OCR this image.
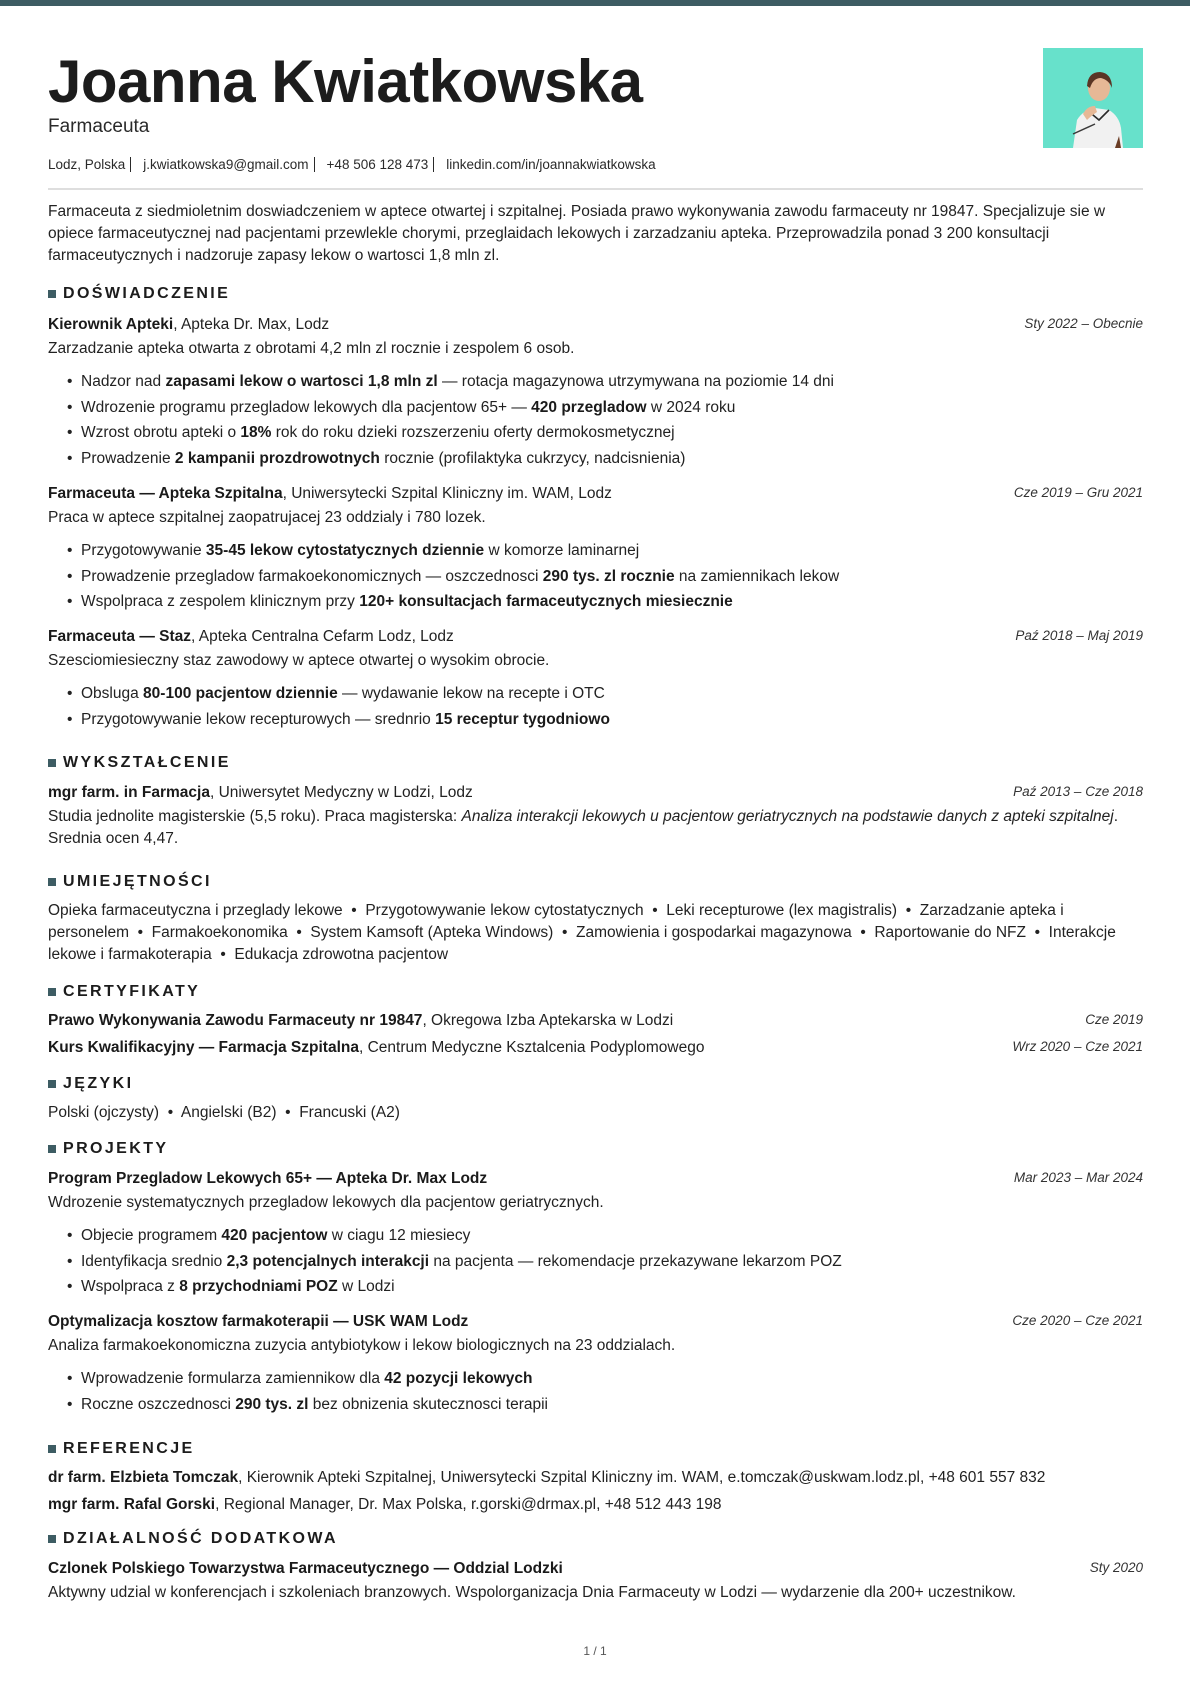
Joanna Kwiatkowska
Farmaceuta
Lodz, Polska j.kwiatkowska9@gmail.com +48 506 128 473 linkedin.com/in/joannakwiatkowska
Farmaceuta z siedmioletnim doswiadczeniem w aptece otwartej i szpitalnej. Posiada prawo wykonywania zawodu farmaceuty nr 19847. Specjalizuje sie w opiece farmaceutycznej nad pacjentami przewlekle chorymi, przeglaidach lekowych i zarzadzaniu apteka. Przeprowadzila ponad 3 200 konsultacji farmaceutycznych i nadzoruje zapasy lekow o wartosci 1,8 mln zl.
DOŚWIADCZENIE
Kierownik Apteki, Apteka Dr. Max, Lodz	Sty 2022 – Obecnie
Zarzadzanie apteka otwarta z obrotami 4,2 mln zl rocznie i zespolem 6 osob.
• Nadzor nad zapasami lekow o wartosci 1,8 mln zl — rotacja magazynowa utrzymywana na poziomie 14 dni
• Wdrozenie programu przegladow lekowych dla pacjentow 65+ — 420 przegladow w 2024 roku
• Wzrost obrotu apteki o 18% rok do roku dzieki rozszerzeniu oferty dermokosmetycznej
• Prowadzenie 2 kampanii prozdrowotnych rocznie (profilaktyka cukrzycy, nadcisnienia)
Farmaceuta — Apteka Szpitalna, Uniwersytecki Szpital Kliniczny im. WAM, Lodz	Cze 2019 – Gru 2021
Praca w aptece szpitalnej zaopatrujacej 23 oddzialy i 780 lozek.
• Przygotowywanie 35-45 lekow cytostatycznych dziennie w komorze laminarnej
• Prowadzenie przegladow farmakoekonomicznych — oszczednosci 290 tys. zl rocznie na zamiennikach lekow
• Wspolpraca z zespolem klinicznym przy 120+ konsultacjach farmaceutycznych miesiecznie
Farmaceuta — Staz, Apteka Centralna Cefarm Lodz, Lodz	Paź 2018 – Maj 2019
Szesciomiesieczny staz zawodowy w aptece otwartej o wysokim obrocie.
• Obsluga 80-100 pacjentow dziennie — wydawanie lekow na recepte i OTC
• Przygotowywanie lekow recepturowych — srednrio 15 receptur tygodniowo
WYKSZTAŁCENIE
mgr farm. in Farmacja, Uniwersytet Medyczny w Lodzi, Lodz	Paź 2013 – Cze 2018
Studia jednolite magisterskie (5,5 roku). Praca magisterska: Analiza interakcji lekowych u pacjentow geriatrycznych na podstawie danych z apteki szpitalnej. Srednia ocen 4,47.
UMIEJĘTNOŚCI
Opieka farmaceutyczna i przeglady lekowe  •  Przygotowywanie lekow cytostatycznych  •  Leki recepturowe (lex magistralis)  •  Zarzadzanie apteka i personelem  •  Farmakoekonomika  •  System Kamsoft (Apteka Windows)  •  Zamowienia i gospodarkai magazynowa  •  Raportowanie do NFZ  •  Interakcje lekowe i farmakoterapia  •  Edukacja zdrowotna pacjentow
CERTYFIKATY
Prawo Wykonywania Zawodu Farmaceuty nr 19847, Okregowa Izba Aptekarska w Lodzi	Cze 2019
Kurs Kwalifikacyjny — Farmacja Szpitalna, Centrum Medyczne Ksztalcenia Podyplomowego	Wrz 2020 – Cze 2021
JĘZYKI
Polski (ojczysty)  •  Angielski (B2)  •  Francuski (A2)
PROJEKTY
Program Przegladow Lekowych 65+ — Apteka Dr. Max Lodz	Mar 2023 – Mar 2024
Wdrozenie systematycznych przegladow lekowych dla pacjentow geriatrycznych.
• Objecie programem 420 pacjentow w ciagu 12 miesiecy
• Identyfikacja srednio 2,3 potencjalnych interakcji na pacjenta — rekomendacje przekazywane lekarzom POZ
• Wspolpraca z 8 przychodniami POZ w Lodzi
Optymalizacja kosztow farmakoterapii — USK WAM Lodz	Cze 2020 – Cze 2021
Analiza farmakoekonomiczna zuzycia antybiotykow i lekow biologicznych na 23 oddzialach.
• Wprowadzenie formularza zamiennikow dla 42 pozycji lekowych
• Roczne oszczednosci 290 tys. zl bez obnizenia skutecznosci terapii
REFERENCJE
dr farm. Elzbieta Tomczak, Kierownik Apteki Szpitalnej, Uniwersytecki Szpital Kliniczny im. WAM, e.tomczak@uskwam.lodz.pl, +48 601 557 832
mgr farm. Rafal Gorski, Regional Manager, Dr. Max Polska, r.gorski@drmax.pl, +48 512 443 198
DZIAŁALNOŚĆ DODATKOWA
Czlonek Polskiego Towarzystwa Farmaceutycznego — Oddzial Lodzki	Sty 2020
Aktywny udzial w konferencjach i szkoleniach branzowych. Wspolorganizacja Dnia Farmaceuty w Lodzi — wydarzenie dla 200+ uczestnikow.
1 / 1
